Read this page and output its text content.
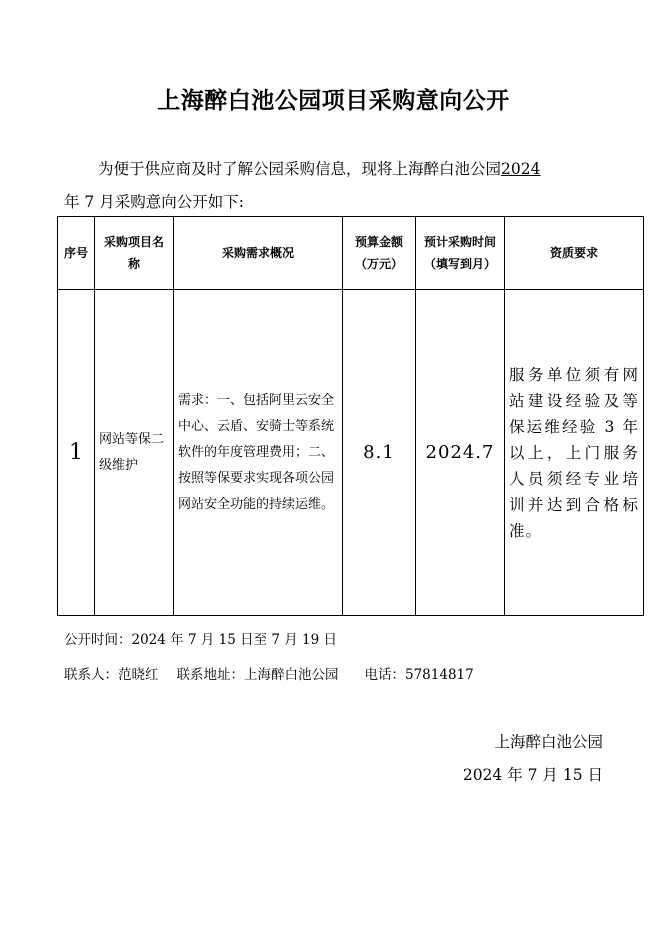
上海醉白池公园项目采购意向公开
为便于供应商及时了解公园采购信息，现将上海醉白池公园2024
年 7 月采购意向公开如下:
序号	采购项目名称	采购需求概况	预算金额（万元）	预计采购时间（填写到月）	资质要求
1	网站等保二级维护	需求：一、包括阿里云安全中心、云盾、安骑士等系统软件的年度管理费用；二、按照等保要求实现各项公园网站安全功能的持续运维。	8.1	2024.7	服务单位须有网站建设经验及等保运维经验 3 年以上，上门服务人员须经专业培训并达到合格标准。
公开时间：2024 年 7 月 15 日至 7 月 19 日
联系人：范晓红 联系地址：上海醉白池公园 电话：57814817
上海醉白池公园
2024 年 7 月 15 日
